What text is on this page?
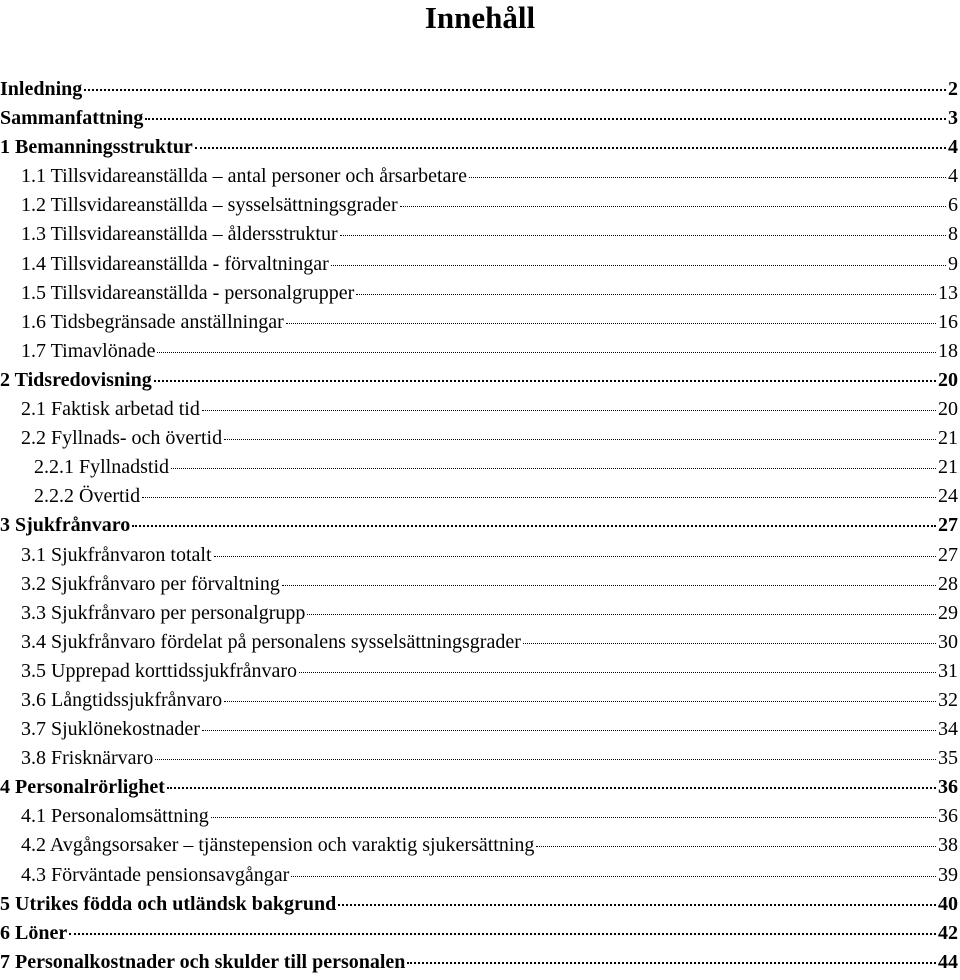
Innehåll
Inledning	2
Sammanfattning	3
1 Bemanningsstruktur	4
1.1 Tillsvidareanställda – antal personer och årsarbetare	4
1.2 Tillsvidareanställda – sysselsättningsgrader	6
1.3 Tillsvidareanställda – åldersstruktur	8
1.4 Tillsvidareanställda - förvaltningar	9
1.5 Tillsvidareanställda - personalgrupper	13
1.6 Tidsbegränsade anställningar	16
1.7 Timavlönade	18
2 Tidsredovisning	20
2.1 Faktisk arbetad tid	20
2.2 Fyllnads- och övertid	21
2.2.1 Fyllnadstid	21
2.2.2 Övertid	24
3 Sjukfrånvaro	27
3.1 Sjukfrånvaron totalt	27
3.2 Sjukfrånvaro per förvaltning	28
3.3 Sjukfrånvaro per personalgrupp	29
3.4 Sjukfrånvaro fördelat på personalens sysselsättningsgrader	30
3.5 Upprepad korttidssjukfrånvaro	31
3.6 Långtidssjukfrånvaro	32
3.7 Sjuklönekostnader	34
3.8 Frisknärvaro	35
4 Personalrörlighet	36
4.1 Personalomsättning	36
4.2 Avgångsorsaker – tjänstepension och varaktig sjukersättning	38
4.3 Förväntade pensionsavgångar	39
5 Utrikes födda och utländsk bakgrund	40
6 Löner	42
7 Personalkostnader och skulder till personalen	44
